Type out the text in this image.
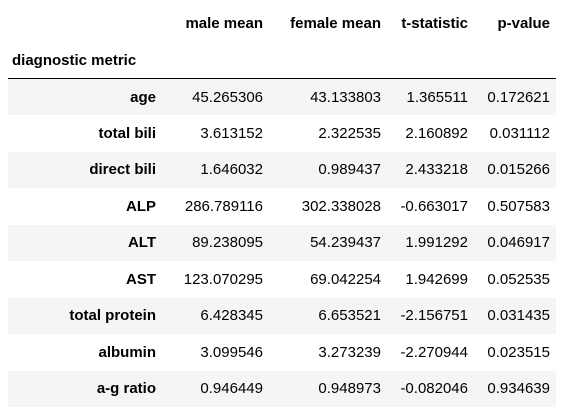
	male mean	female mean	t-statistic	p-value
diagnostic metric				
age	45.265306	43.133803	1.365511	0.172621
total bili	3.613152	2.322535	2.160892	0.031112
direct bili	1.646032	0.989437	2.433218	0.015266
ALP	286.789116	302.338028	-0.663017	0.507583
ALT	89.238095	54.239437	1.991292	0.046917
AST	123.070295	69.042254	1.942699	0.052535
total protein	6.428345	6.653521	-2.156751	0.031435
albumin	3.099546	3.273239	-2.270944	0.023515
a-g ratio	0.946449	0.948973	-0.082046	0.934639
